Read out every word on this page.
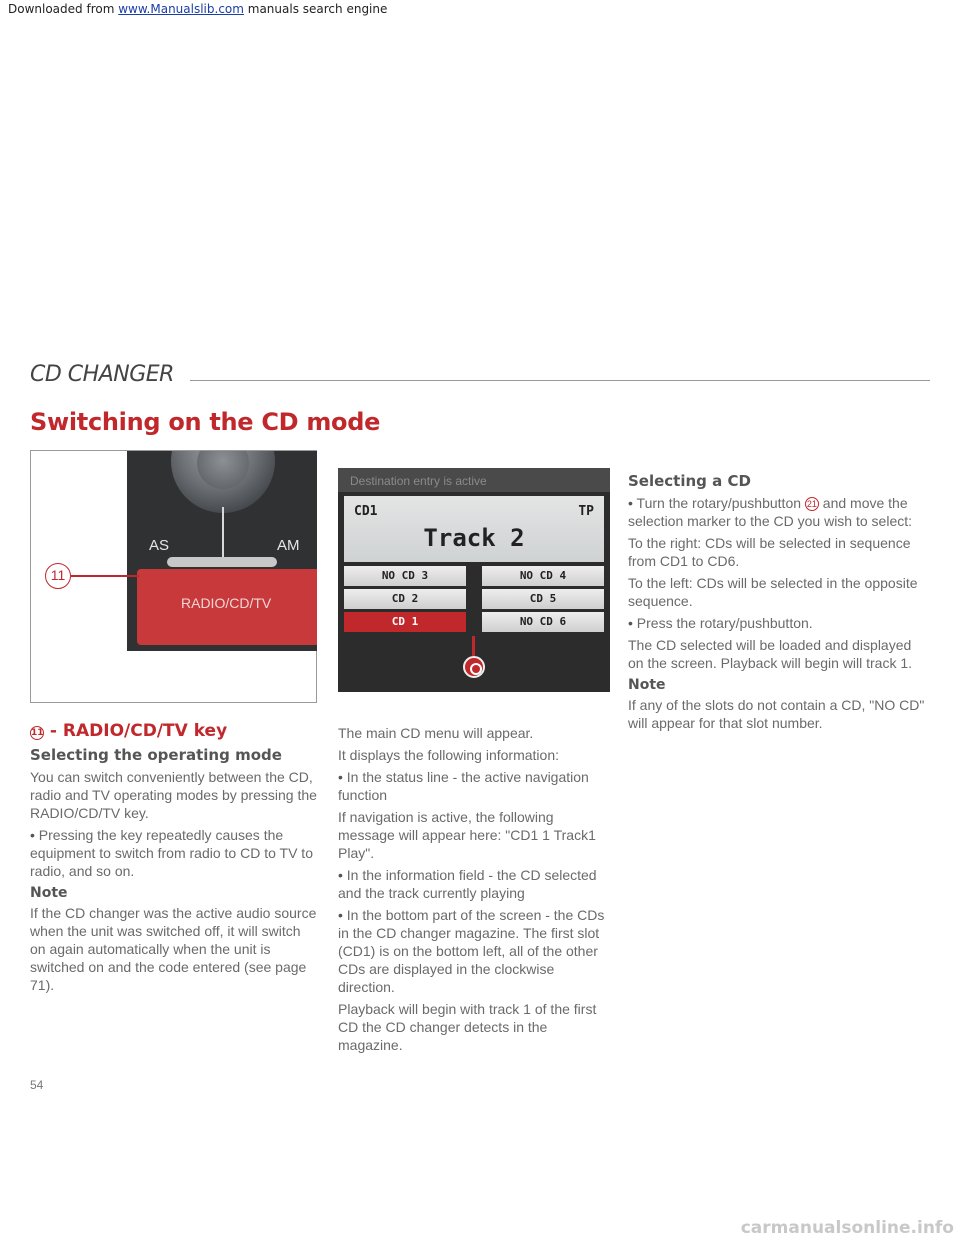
Downloaded from www.Manualslib.com manuals search engine
CD CHANGER
Switching on the CD mode
AS	AM
RADIO/CD/TV
11
Destination entry is active
CD1	TP
Track 2
NO CD 3	NO CD 4
CD 2	CD 5
CD 1	NO CD 6
11 - RADIO/CD/TV key
Selecting the operating mode

You can switch conveniently between the CD, radio and TV operating modes by pressing the RADIO/CD/TV key.

• Pressing the key repeatedly causes the equipment to switch from radio to CD to TV to radio, and so on.

Note

If the CD changer was the active audio source when the unit was switched off, it will switch on again automatically when the unit is switched on and the code entered (see page 71).

The main CD menu will appear.

It displays the following information:

• In the status line - the active navigation function

If navigation is active, the following message will appear here: "CD1 1 Track1 Play".

• In the information field - the CD selected and the track currently playing

• In the bottom part of the screen - the CDs in the CD changer magazine. The first slot (CD1) is on the bottom left, all of the other CDs are displayed in the clockwise direction.

Playback will begin with track 1 of the first CD the CD changer detects in the magazine.

Selecting a CD

• Turn the rotary/pushbutton 21 and move the selection marker to the CD you wish to select:

To the right: CDs will be selected in sequence from CD1 to CD6.

To the left: CDs will be selected in the opposite sequence.

• Press the rotary/pushbutton.

The CD selected will be loaded and displayed on the screen. Playback will begin will track 1.

Note

If any of the slots do not contain a CD, "NO CD" will appear for that slot number.

54
carmanualsonline.info
